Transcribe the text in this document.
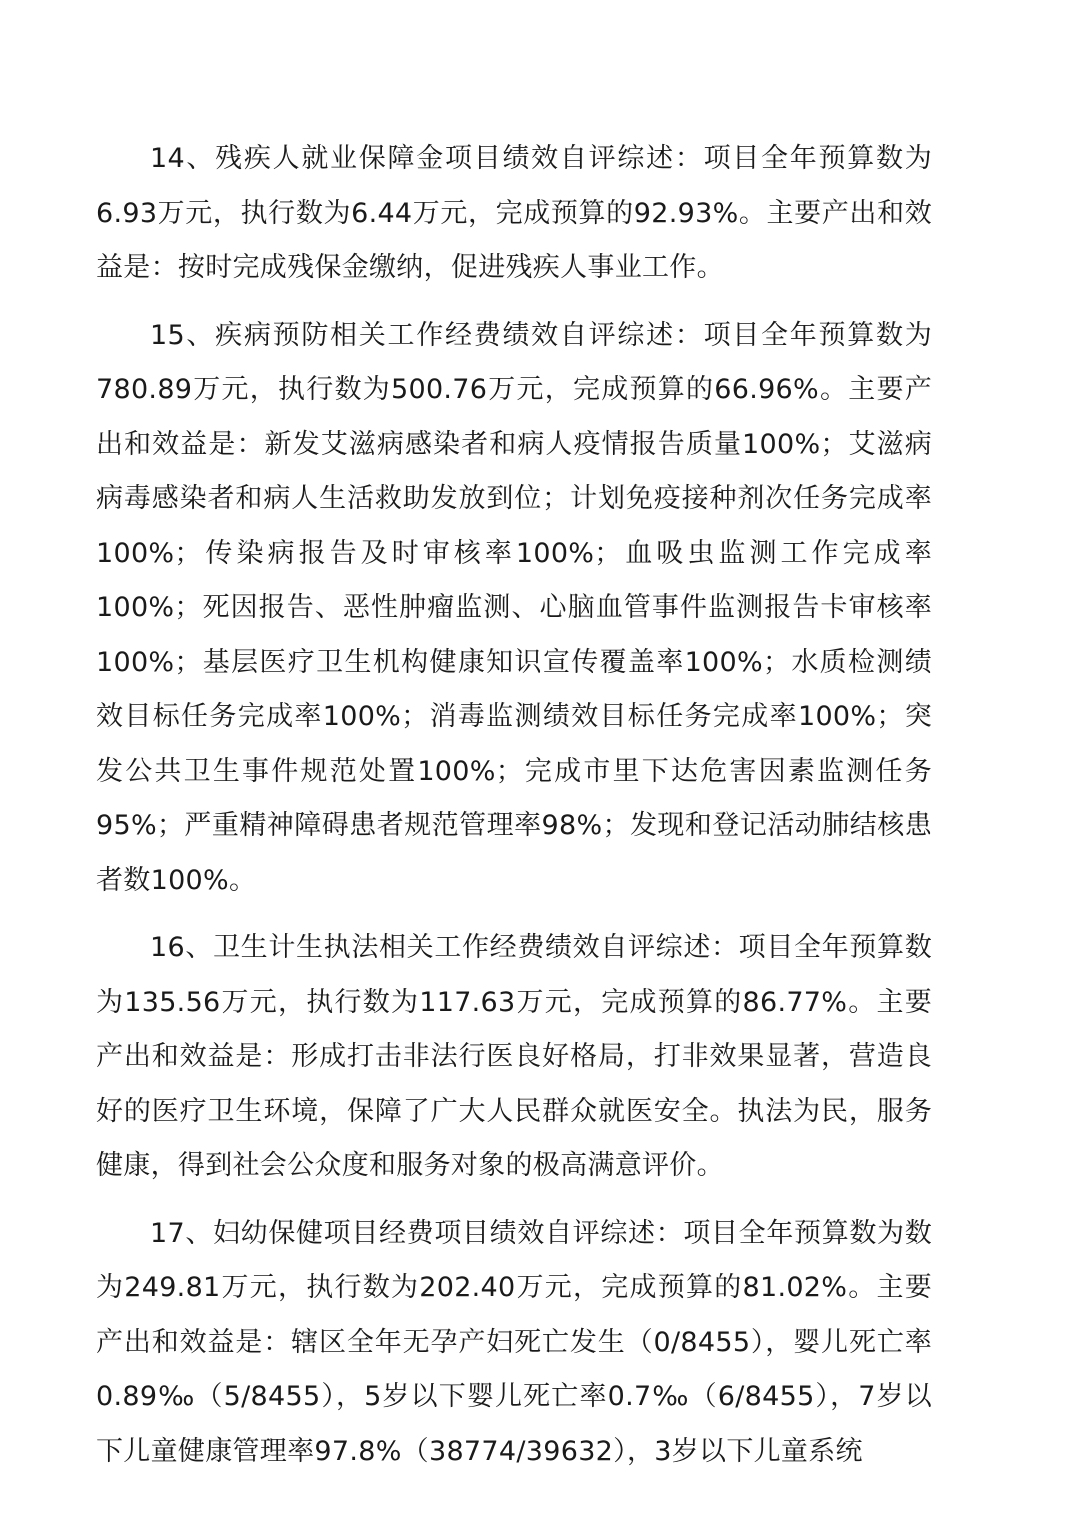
14、残疾人就业保障金项目绩效自评综述：项目全年预算数为6.93万元，执行数为6.44万元，完成预算的92.93%。主要产出和效益是：按时完成残保金缴纳，促进残疾人事业工作。

15、疾病预防相关工作经费绩效自评综述：项目全年预算数为780.89万元，执行数为500.76万元，完成预算的66.96%。主要产出和效益是：新发艾滋病感染者和病人疫情报告质量100%；艾滋病病毒感染者和病人生活救助发放到位；计划免疫接种剂次任务完成率100%；传染病报告及时审核率100%；血吸虫监测工作完成率100%；死因报告、恶性肿瘤监测、心脑血管事件监测报告卡审核率100%；基层医疗卫生机构健康知识宣传覆盖率100%；水质检测绩效目标任务完成率100%；消毒监测绩效目标任务完成率100%；突发公共卫生事件规范处置100%；完成市里下达危害因素监测任务95%；严重精神障碍患者规范管理率98%；发现和登记活动肺结核患者数100%。

16、卫生计生执法相关工作经费绩效自评综述：项目全年预算数为135.56万元，执行数为117.63万元，完成预算的86.77%。主要产出和效益是：形成打击非法行医良好格局，打非效果显著，营造良好的医疗卫生环境，保障了广大人民群众就医安全。执法为民，服务健康，得到社会公众度和服务对象的极高满意评价。

17、妇幼保健项目经费项目绩效自评综述：项目全年预算数为数为249.81万元，执行数为202.40万元，完成预算的81.02%。主要产出和效益是：辖区全年无孕产妇死亡发生（0/8455），婴儿死亡率0.89‰（5/8455），5岁以下婴儿死亡率0.7‰（6/8455），7岁以下儿童健康管理率97.8%（38774/39632），3岁以下儿童系统
